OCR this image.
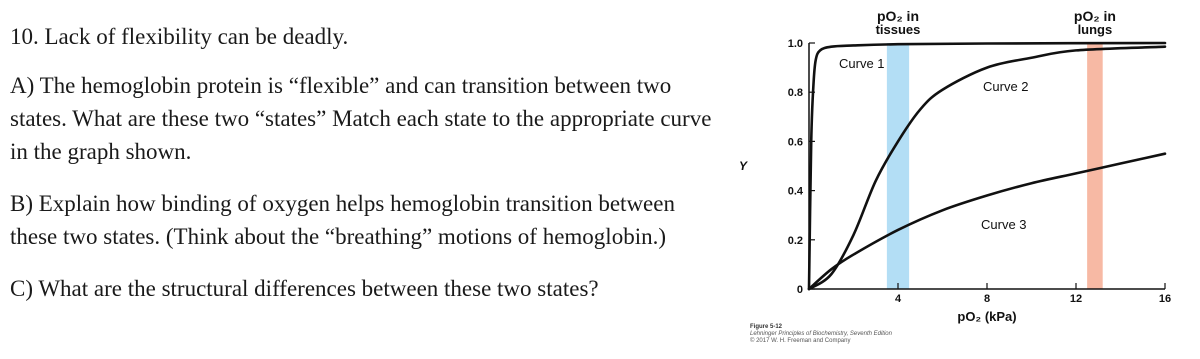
10. Lack of flexibility can be deadly.

A) The hemoglobin protein is “flexible” and can transition between two states. What are these two “states” Match each state to the appropriate curve in the graph shown.

B) Explain how binding of oxygen helps hemoglobin transition between these two states. (Think about the “breathing” motions of hemoglobin.)

C) What are the structural differences between these two states?	0
0.2
0.4
0.6
0.8
1.0
4	8	12	16
pO₂ in
tissues
pO₂ in
lungs
Y
pO₂ (kPa)
Curve 1
Curve 2
Curve 3
Figure 5-12
Lehninger Principles of Biochemistry, Seventh Edition
© 2017 W. H. Freeman and Company
